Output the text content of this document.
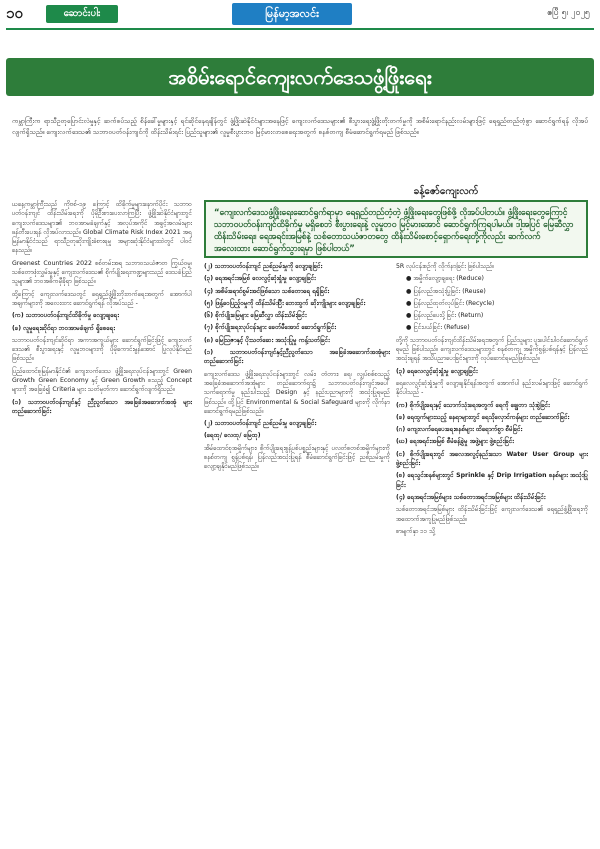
၁၀	ဆောင်းပါး	မြန်မာ့အလင်း	ဧပြီ ၅၊ ၂၀၂၅
အစိမ်းရောင်ကျေးလက်ဒေသဖွံ့ဖြိုးရေး
ကမ္ဘာကြီးက ရာသီဥတုပြောင်းလဲမှုနှင့် ဆက်စပ်သည့် စိန်ခေါ်မှုများနှင့် ရင်ဆိုင်နေရချိန်တွင် ဖွံ့ဖြိုးဆဲနိုင်ငံများအနေဖြင့် ကျေးလက်ဒေသများ၏ စီးပွားရေးဖွံ့ဖြိုးတိုးတက်မှုကို အစိမ်းရောင်နည်းလမ်းများဖြင့် ရေရှည်တည်တံ့စွာ ဆောင်ရွက်ရန် လိုအပ်လျက်ရှိသည်။ ကျေးလက်ဒေသ၏ သဘာဝပတ်ဝန်းကျင်ကို ထိန်းသိမ်းရင်း ပြည်သူများ၏ လူမှုစီးပွားဘဝ မြင့်မားလာစေရေးအတွက် စနစ်တကျ စီမံဆောင်ရွက်ရမည် ဖြစ်သည်။
ခန့်ဇော်ကျေးလက်
“ကျေးလက်ဒေသဖွံ့ဖြိုးရေးဆောင်ရွက်ရာမှာ ရေရှည်တည်တံ့တဲ့ ဖွံ့ဖြိုးရေးတွေဖြစ်ဖို့ လိုအပ်ပါတယ်။ ဖွံ့ဖြိုးရေးတွေကြောင့် သဘာဝပတ်ဝန်းကျင်ထိခိုက်မှု မရှိစေဘဲ စီးပွားရေးနဲ့ လူမှုဘဝ မြင့်မားအောင် ဆောင်ရွက်ကြရပါမယ်။ ဒါ့အပြင် မြေဆီလွှာ ထိန်းသိမ်းရေး၊ ရေအရင်းအမြစ်နဲ့ သစ်တောသယံဇာတတွေ ထိန်းသိမ်းစောင့်ရှောက်ရေးတို့ကိုလည်း ဆက်လက် အလေးထား ဆောင်ရွက်သွားရမှာ ဖြစ်ပါတယ်”

ယနေ့ကမ္ဘာကြီးသည် ကိုဗစ်-၁၉ ကြောင့် ထိခိုက်မှုများနောက်ပိုင်း သဘာဝပတ်ဝန်းကျင် ထိန်းသိမ်းရေးကို ပိုမိုဦးစားပေးလာကြပြီး ဖွံ့ဖြိုးဆဲနိုင်ငံများတွင် ကျေးလက်ဒေသများ၏ ဘဝအာမခံချက်နှင့် အလုပ်အကိုင် အခွင့်အလမ်းများ ဖန်တီးပေးရန် လိုအပ်လာသည်။ Global Climate Risk Index 2021 အရ မြန်မာနိုင်ငံသည် ရာသီဥတုဆိုးကျိုးခံစားရမှု အများဆုံးနိုင်ငံများထဲတွင် ပါဝင်နေသည်။

Greenest Countries 2022 စစ်တမ်းအရ သဘာဝသယံဇာတ ကြွယ်ဝမှု၊ သစ်တောဖုံးလွှမ်းမှုနှင့် ကျေးလက်ဒေသ၏ စိုက်ပျိုးရေးကဏ္ဍများသည် ဒေသခံပြည်သူများ၏ ဘဝအဓိကမှီခိုရာ ဖြစ်သည်။

ထို့ကြောင့် ကျေးလက်ဒေသတွင် ရေရှည်ဖွံ့ဖြိုးတိုးတက်ရေးအတွက် အောက်ပါအချက်များကို အလေးထား ဆောင်ရွက်ရန် လိုအပ်သည် -

(က) သဘာဝပတ်ဝန်းကျင်ထိခိုက်မှု လျော့ချရေး

(ခ) လူမှုရေးဆိုင်ရာ ဘဝအာမခံချက် ရှိစေရေး

သဘာဝပတ်ဝန်းကျင်ဆိုင်ရာ အကာအကွယ်များ ဆောင်ရွက်ခြင်းဖြင့် ကျေးလက်ဒေသ၏ စီးပွားရေးနှင့် လူမှုဘဝများကို ပိုမိုကောင်းမွန်အောင် ပြုလုပ်နိုင်မည်ဖြစ်သည်။

ပြည်ထောင်စုမြန်မာနိုင်ငံ၏ ကျေးလက်ဒေသ ဖွံ့ဖြိုးရေးလုပ်ငန်းများတွင် Green Growth၊ Green Economy နှင့် Green Growth စသည့် Concept များကို အခြေခံ၍ Criteria များ သတ်မှတ်ကာ ဆောင်ရွက်လျက်ရှိသည်။

(၁) သဘာဝပတ်ဝန်းကျင်နှင့် ညီညွတ်သော အခြေခံအဆောက်အအုံ များ တည်ဆောက်ခြင်း

(၂) သဘာဝပတ်ဝန်းကျင် ညစ်ညမ်းမှုကို လျော့ချခြင်း

(၃) ရေအရင်းအမြစ် လေလွင့်ဆုံးရှုံးမှု လျော့ချခြင်း

(၄) အစိမ်းရောင်စွမ်းအင်ဖြစ်သော သစ်တောရေ ရရှိခြင်း

(၅) ဖြန့်ဝေပြည့်ဝမှုကို ထိန်းသိမ်းပြီး ဘေးထွက် ဆိုးကျိုးများ လျော့ချခြင်း

(၆) စိုက်ပျိုးမြေများ မြေဆီလွှာ ထိန်းသိမ်းခြင်း

(၇) စိုက်ပျိုးရေးလုပ်ငန်းများ ခေတ်မီအောင် ဆောင်ရွက်ခြင်း

(၈) မြေဩဇာနှင့် ပိုးသတ်ဆေး အသုံးပြုမှု ကန့်သတ်ခြင်း

(၁) သဘာဝပတ်ဝန်းကျင်နှင့်ညီညွတ်သော အခြေခံအဆောက်အအုံများ တည်ဆောက်ခြင်း

ကျေးလက်ဒေသ ဖွံ့ဖြိုးရေးလုပ်ငန်းများတွင် လမ်း၊ တံတား၊ ရေ၊ လျှပ်စစ်စသည့် အခြေခံအဆောက်အအုံများ တည်ဆောက်ရာ၌ သဘာဝပတ်ဝန်းကျင်အပေါ် သက်ရောက်မှု နည်းပါးသည့် Design နှင့် နည်းပညာများကို အသုံးပြုရမည်ဖြစ်သည်။ ထို့ပြင် Environmental & Social Safeguard များကို လိုက်နာဆောင်ရွက်ရမည်ဖြစ်သည်။

(၂) သဘာဝပတ်ဝန်းကျင် ညစ်ညမ်းမှု လျော့ချခြင်း

(ရေထု/ လေထု/ မြေထု)

အိမ်ထောင်စုအမှိုက်များ၊ စိုက်ပျိုးရေးစွန့်ပစ်ပစ္စည်းများနှင့် ပလတ်စတစ်အမှိုက်များကို စနစ်တကျ စွန့်ပစ်ရန်၊ ပြန်လည်အသုံးပြုရန် စီမံဆောင်ရွက်ခြင်းဖြင့် ညစ်ညမ်းမှုကို လျော့ချနိုင်မည်ဖြစ်သည်။

5R လုပ်ငန်းစဉ်ကို လိုက်နာခြင်း ဖြစ်ပါသည်။

● အမှိုက်လျော့ချရေး (Reduce)

● ပြန်လည်အသုံးပြုခြင်း (Reuse)

● ပြန်လည်ထုတ်လုပ်ခြင်း (Recycle)

● ပြန်လည်ပေးပို့ခြင်း (Return)

● ငြင်းပယ်ခြင်း (Refuse)

တို့ကို သဘာဝပတ်ဝန်းကျင်ထိန်းသိမ်းရေးအတွက် ပြည်သူများ ပူးပေါင်းပါဝင်ဆောင်ရွက်ရမည် ဖြစ်ပါသည်။ ကျေးလက်ဒေသများတွင် စနစ်တကျ အမှိုက်စွန့်ပစ်ရန်နှင့် ပြန်လည်အသုံးချရန် အသိပညာပေးခြင်းများကို လုပ်ဆောင်ရမည်ဖြစ်သည်။

(၃) ရေလေလွင့်ဆုံးရှုံးမှု လျော့ချခြင်း

ရေလေလွင့်ဆုံးရှုံးမှုကို လျော့ချနိုင်ရန်အတွက် အောက်ပါ နည်းလမ်းများဖြင့် ဆောင်ရွက်နိုင်ပါသည် -

(က) စိုက်ပျိုးရေးနှင့် သောက်သုံးရေအတွက် ရေကို ချွေတာ သုံးစွဲခြင်း

(ခ) ရေထွက်များသည့် နေရာများတွင် ရေသိုလှောင်ကန်များ တည်ဆောက်ခြင်း

(ဂ) ကျေးလက်ရေပေးရေးစနစ်များ ထိရောက်စွာ စီမံခြင်း

(ဃ) ရေအရင်းအမြစ် စီမံခန့်ခွဲမှု အဖွဲ့များ ဖွဲ့စည်းခြင်း

(င) စိုက်ပျိုးရေးတွင် အလေအလွင့်နည်းသော Water User Group များ ဖွဲ့စည်းခြင်း

(စ) ရေသွင်းစနစ်များတွင် Sprinkle နှင့် Drip Irrigation စနစ်များ အသုံးပြုခြင်း

(၄) ရေအရင်းအမြစ်များ၊ သစ်တောအရင်းအမြစ်များ ထိန်းသိမ်းခြင်း

သစ်တောအရင်းအမြစ်များ ထိန်းသိမ်းခြင်းဖြင့် ကျေးလက်ဒေသ၏ ရေရှည်ဖွံ့ဖြိုးရေးကို အထောက်အကူပြုမည်ဖြစ်သည်။

စာမျက်နှာ ၁၁ သို့
